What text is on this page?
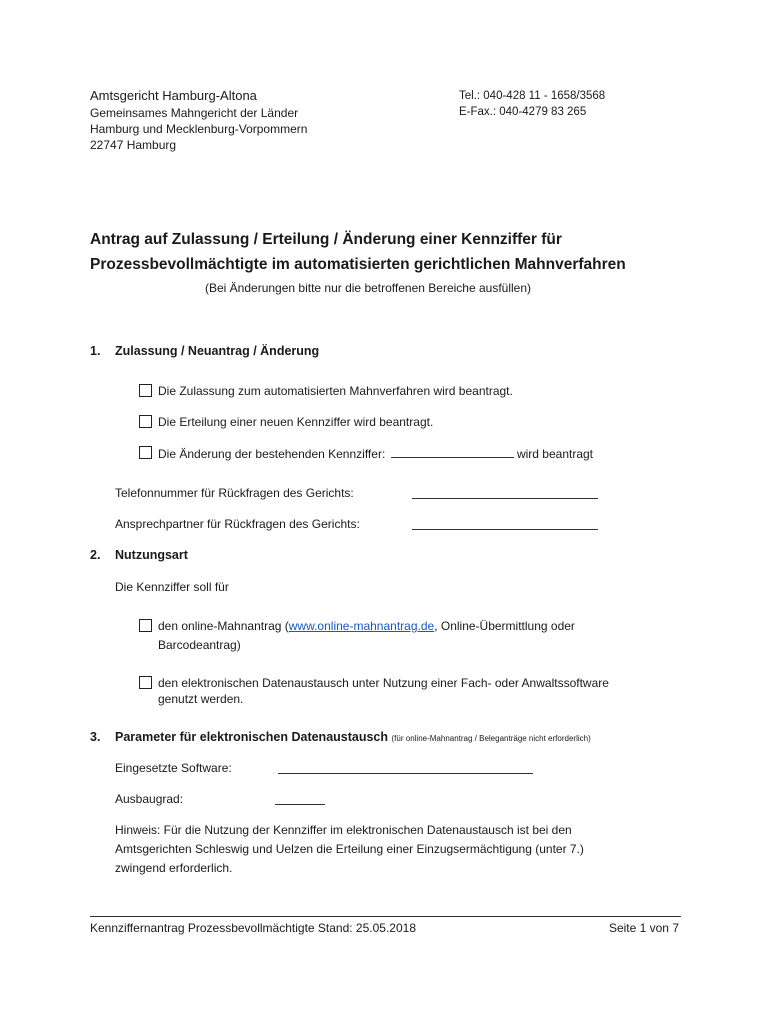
Amtsgericht Hamburg-Altona
Gemeinsames Mahngericht der Länder
Hamburg und Mecklenburg-Vorpommern
22747 Hamburg
Tel.: 040-428 11 - 1658/3568
E-Fax.: 040-4279 83 265
Antrag auf Zulassung / Erteilung / Änderung einer Kennziffer für
Prozessbevollmächtigte im automatisierten gerichtlichen Mahnverfahren
(Bei Änderungen bitte nur die betroffenen Bereiche ausfüllen)
1. Zulassung / Neuantrag / Änderung
Die Zulassung zum automatisierten Mahnverfahren wird beantragt.
Die Erteilung einer neuen Kennziffer wird beantragt.
Die Änderung der bestehenden Kennziffer:	wird beantragt
Telefonnummer für Rückfragen des Gerichts:
Ansprechpartner für Rückfragen des Gerichts:
2. Nutzungsart
Die Kennziffer soll für
den online-Mahnantrag (www.online-mahnantrag.de, Online-Übermittlung oder
Barcodeantrag)
den elektronischen Datenaustausch unter Nutzung einer Fach- oder Anwaltssoftware
genutzt werden.
3. Parameter für elektronischen Datenaustausch (für online-Mahnantrag / Beleganträge nicht erforderlich)
Eingesetzte Software:
Ausbaugrad:
Hinweis: Für die Nutzung der Kennziffer im elektronischen Datenaustausch ist bei den
Amtsgerichten Schleswig und Uelzen die Erteilung einer Einzugsermächtigung (unter 7.)
zwingend erforderlich.
Kennziffernantrag Prozessbevollmächtigte Stand: 25.05.2018	Seite 1 von 7
